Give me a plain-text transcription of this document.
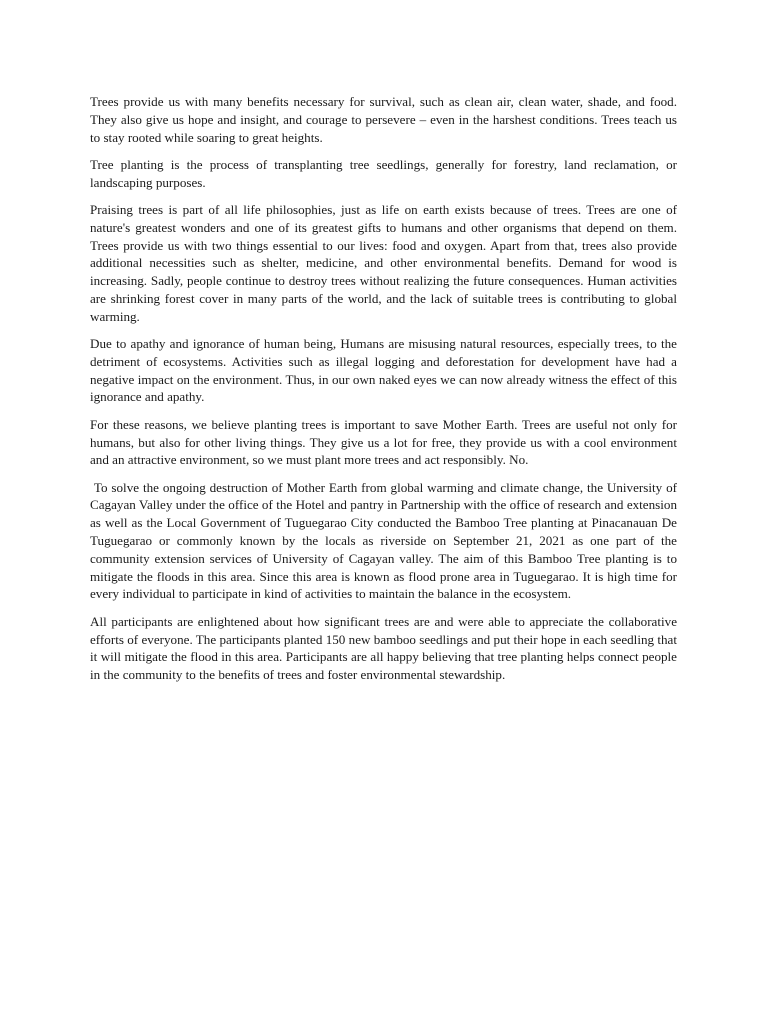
Trees provide us with many benefits necessary for survival, such as clean air, clean water, shade, and food. They also give us hope and insight, and courage to persevere – even in the harshest conditions. Trees teach us to stay rooted while soaring to great heights.

Tree planting is the process of transplanting tree seedlings, generally for forestry, land reclamation, or landscaping purposes.

Praising trees is part of all life philosophies, just as life on earth exists because of trees. Trees are one of nature's greatest wonders and one of its greatest gifts to humans and other organisms that depend on them. Trees provide us with two things essential to our lives: food and oxygen. Apart from that, trees also provide additional necessities such as shelter, medicine, and other environmental benefits. Demand for wood is increasing. Sadly, people continue to destroy trees without realizing the future consequences. Human activities are shrinking forest cover in many parts of the world, and the lack of suitable trees is contributing to global warming.

Due to apathy and ignorance of human being, Humans are misusing natural resources, especially trees, to the detriment of ecosystems. Activities such as illegal logging and deforestation for development have had a negative impact on the environment. Thus, in our own naked eyes we can now already witness the effect of this ignorance and apathy.

For these reasons, we believe planting trees is important to save Mother Earth. Trees are useful not only for humans, but also for other living things. They give us a lot for free, they provide us with a cool environment and an attractive environment, so we must plant more trees and act responsibly. No.

To solve the ongoing destruction of Mother Earth from global warming and climate change, the University of Cagayan Valley under the office of the Hotel and pantry in Partnership with the office of research and extension as well as the Local Government of Tuguegarao City conducted the Bamboo Tree planting at Pinacanauan De Tuguegarao or commonly known by the locals as riverside on September 21, 2021 as one part of the community extension services of University of Cagayan valley. The aim of this Bamboo Tree planting is to mitigate the floods in this area. Since this area is known as flood prone area in Tuguegarao. It is high time for every individual to participate in kind of activities to maintain the balance in the ecosystem.

All participants are enlightened about how significant trees are and were able to appreciate the collaborative efforts of everyone. The participants planted 150 new bamboo seedlings and put their hope in each seedling that it will mitigate the flood in this area. Participants are all happy believing that tree planting helps connect people in the community to the benefits of trees and foster environmental stewardship.
